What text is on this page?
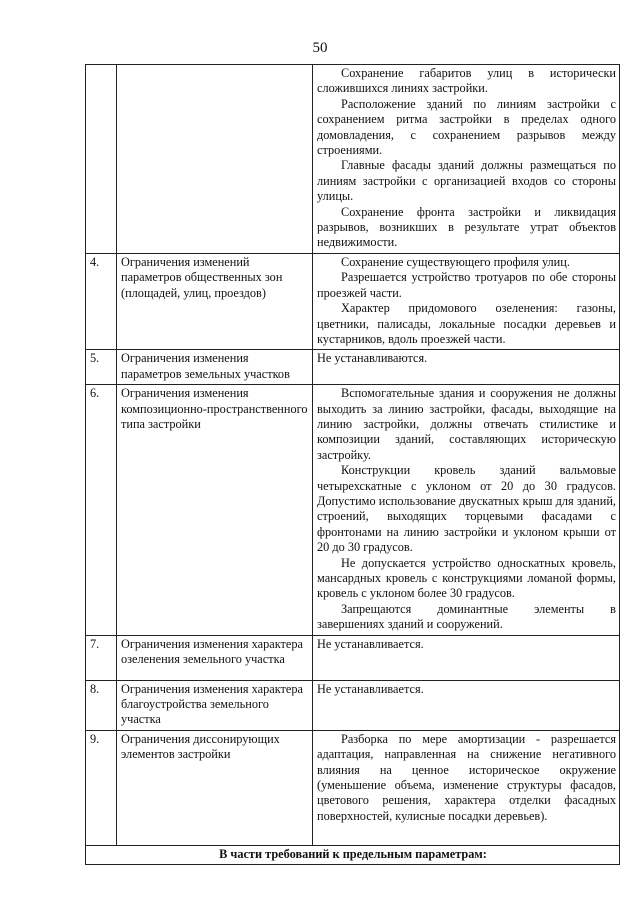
50

		Сохранение габаритов улиц в исторически сложившихся линиях застройки.

Расположение зданий по линиям застройки с сохранением ритма застройки в пределах одного домовладения, с сохранением разрывов между строениями.

Главные фасады зданий должны размещаться по линиям застройки с организацией входов со стороны улицы.

Сохранение фронта застройки и ликвидация разрывов, возникших в результате утрат объектов недвижимости.

4.	Ограничения изменений параметров общественных зон (площадей, улиц, проездов)	Сохранение существующего профиля улиц.

Разрешается устройство тротуаров по обе стороны проезжей части.

Характер придомового озеленения: газоны, цветники, палисады, локальные посадки деревьев и кустарников, вдоль проезжей части.

5.	Ограничения изменения параметров земельных участков	Не устанавливаются.

6.	Ограничения изменения композиционно-пространственного типа застройки	Вспомогательные здания и сооружения не должны выходить за линию застройки, фасады, выходящие на линию застройки, должны отвечать стилистике и композиции зданий, составляющих историческую застройку.

Конструкции кровель зданий вальмовые четырехскатные с уклоном от 20 до 30 градусов. Допустимо использование двускатных крыш для зданий, строений, выходящих торцевыми фасадами с фронтонами на линию застройки и уклоном крыши от 20 до 30 градусов.

Не допускается устройство односкатных кровель, мансардных кровель с конструкциями ломаной формы, кровель с уклоном более 30 градусов.

Запрещаются доминантные элементы в завершениях зданий и сооружений.

7.	Ограничения изменения характера озеленения земельного участка	Не устанавливается.

8.	Ограничения изменения характера благоустройства земельного участка	Не устанавливается.

9.	Ограничения диссонирующих элементов застройки	Разборка по мере амортизации - разрешается адаптация, направленная на снижение негативного влияния на ценное историческое окружение (уменьшение объема, изменение структуры фасадов, цветового решения, характера отделки фасадных поверхностей, кулисные посадки деревьев).

В части требований к предельным параметрам:		
